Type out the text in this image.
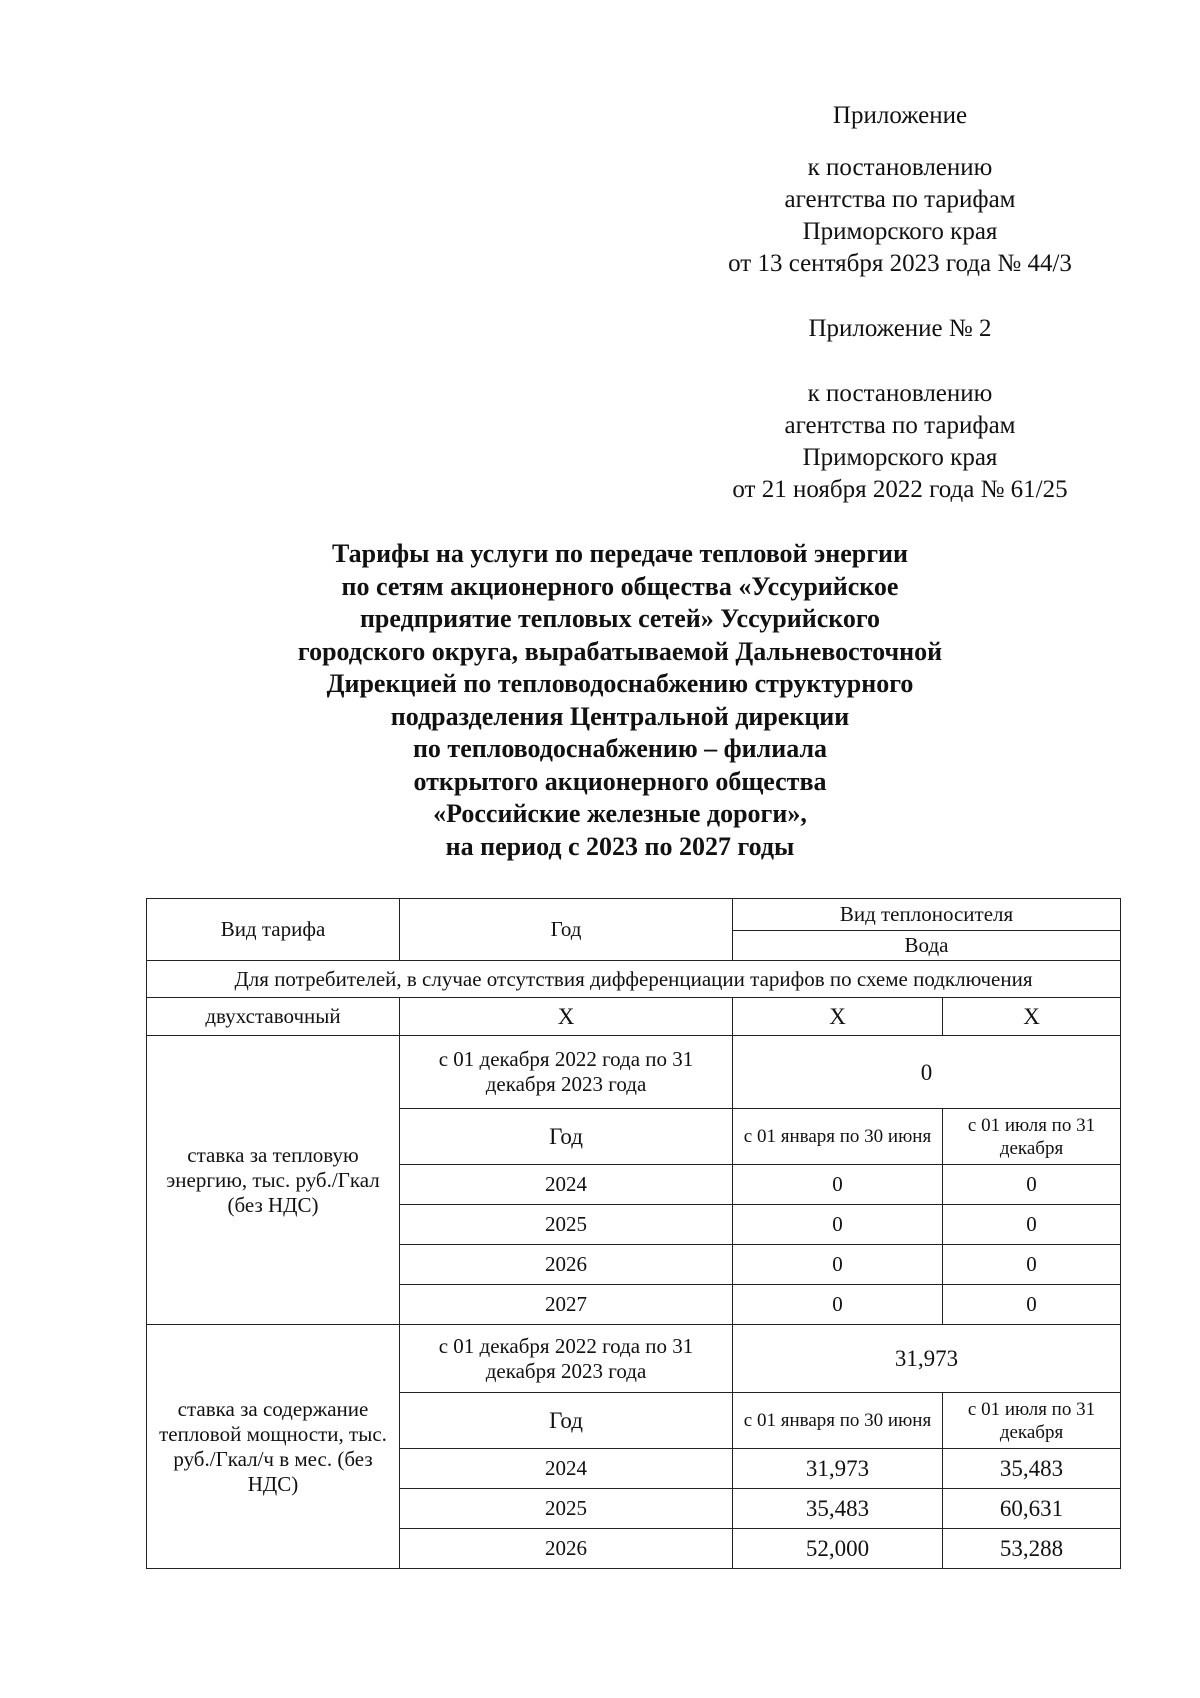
Приложение
к постановлению
агентства по тарифам
Приморского края
от 13 сентября 2023 года № 44/3
Приложение № 2
к постановлению
агентства по тарифам
Приморского края
от 21 ноября 2022 года № 61/25
Тарифы на услуги по передаче тепловой энергии
по сетям акционерного общества «Уссурийское
предприятие тепловых сетей» Уссурийского
городского округа, вырабатываемой Дальневосточной
Дирекцией по тепловодоснабжению структурного
подразделения Центральной дирекции
по тепловодоснабжению – филиала
открытого акционерного общества
«Российские железные дороги»,
на период с 2023 по 2027 годы
Вид тарифа	Год	Вид теплоносителя	
		Вода	
Для потребителей, в случае отсутствия дифференциации тарифов по схеме подключения			
двухставочный	X	X	X
ставка за тепловую энергию, тыс. руб./Гкал (без НДС)	с 01 декабря 2022 года по 31 декабря 2023 года	0	
	Год	с 01 января по 30 июня	с 01 июля по 31 декабря
	2024	0	0
	2025	0	0
	2026	0	0
	2027	0	0

ставка за содержание тепловой мощности, тыс. руб./Гкал/ч в мес. (без НДС)	с 01 декабря 2022 года по 31 декабря 2023 года	31,973	
	Год	с 01 января по 30 июня	с 01 июля по 31 декабря
	2024	31,973	35,483
	2025	35,483	60,631
	2026	52,000	53,288
